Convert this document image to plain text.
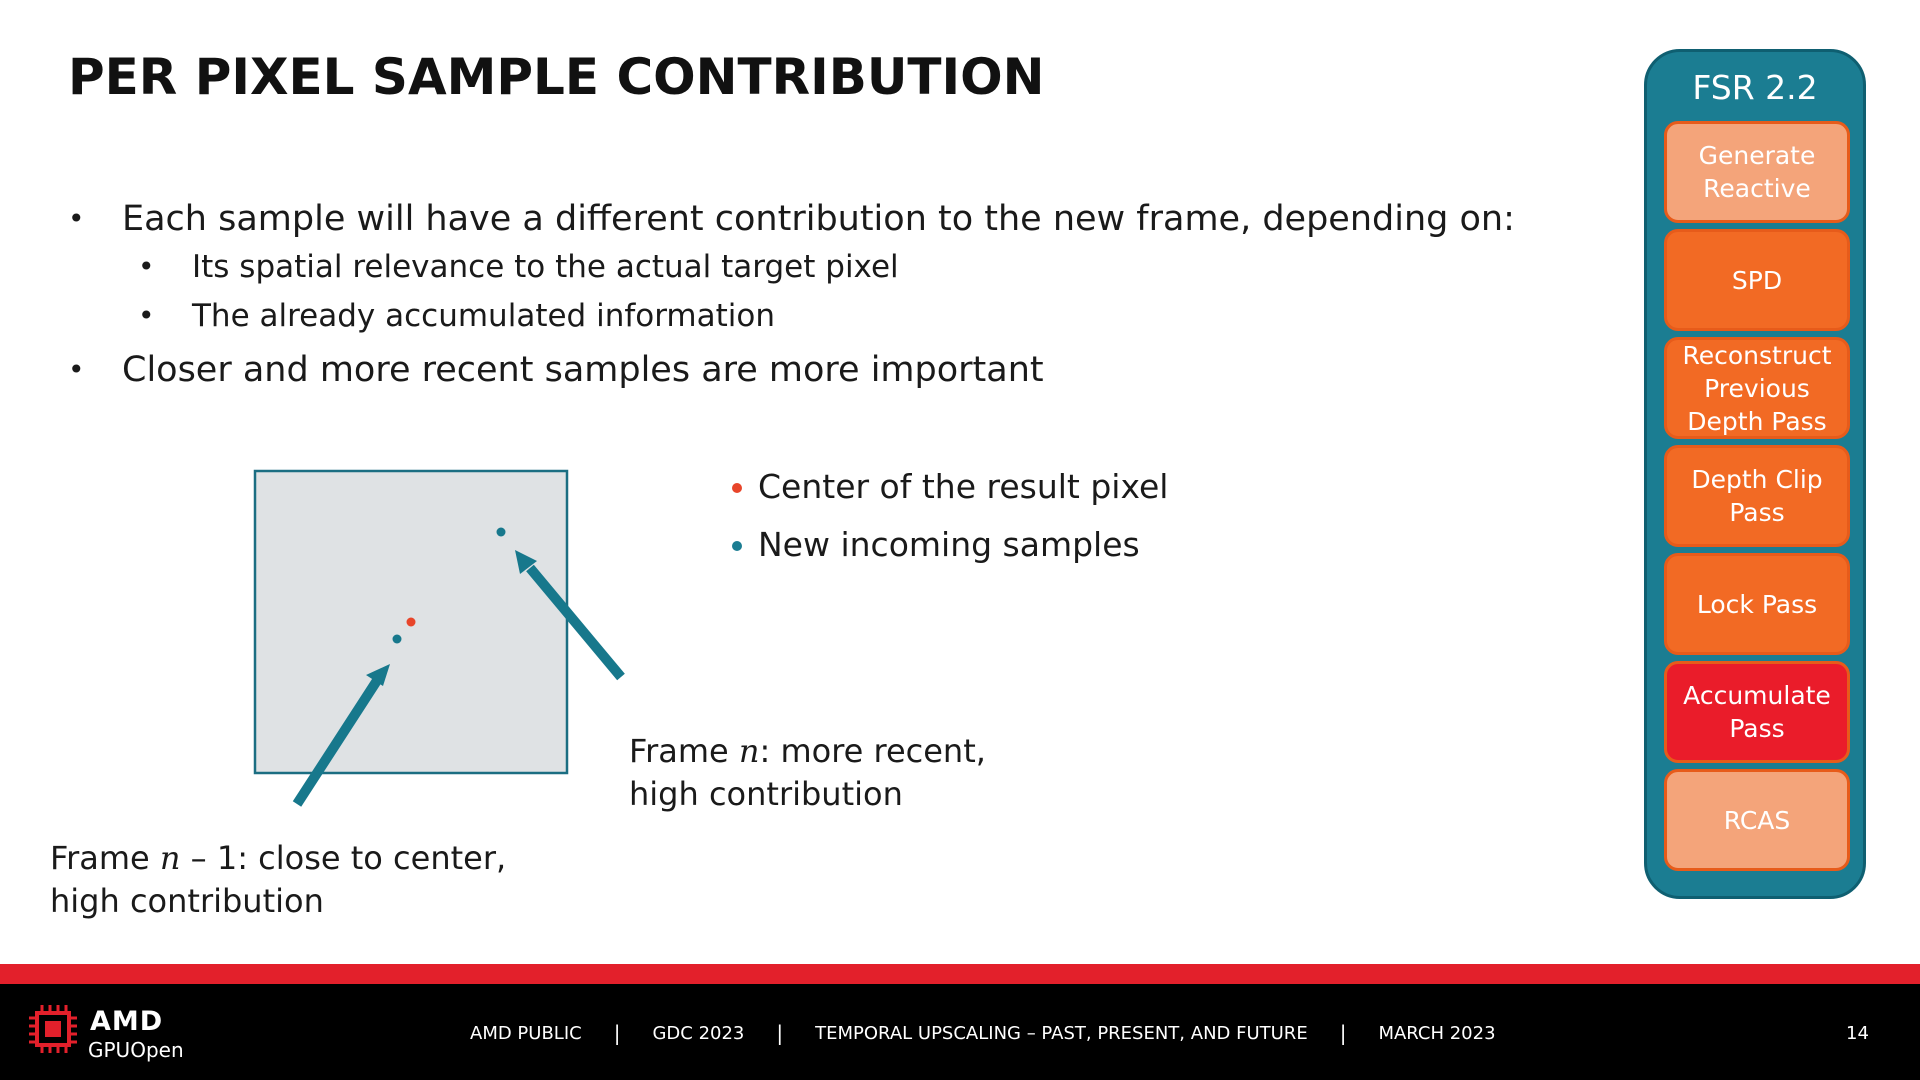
PER PIXEL SAMPLE CONTRIBUTION
• Each sample will have a different contribution to the new frame, depending on:
• Its spatial relevance to the actual target pixel
• The already accumulated information
• Closer and more recent samples are more important
Center of the result pixel
New incoming samples
Frame n: more recent,
high contribution
Frame n – 1: close to center,
high contribution
FSR 2.2
Generate
Reactive
SPD
Reconstruct
Previous
Depth Pass
Depth Clip
Pass
Lock Pass
Accumulate
Pass
RCAS
AMD
GPUOpen
AMD PUBLIC | GDC 2023 | TEMPORAL UPSCALING – PAST, PRESENT, AND FUTURE | MARCH 2023	14
